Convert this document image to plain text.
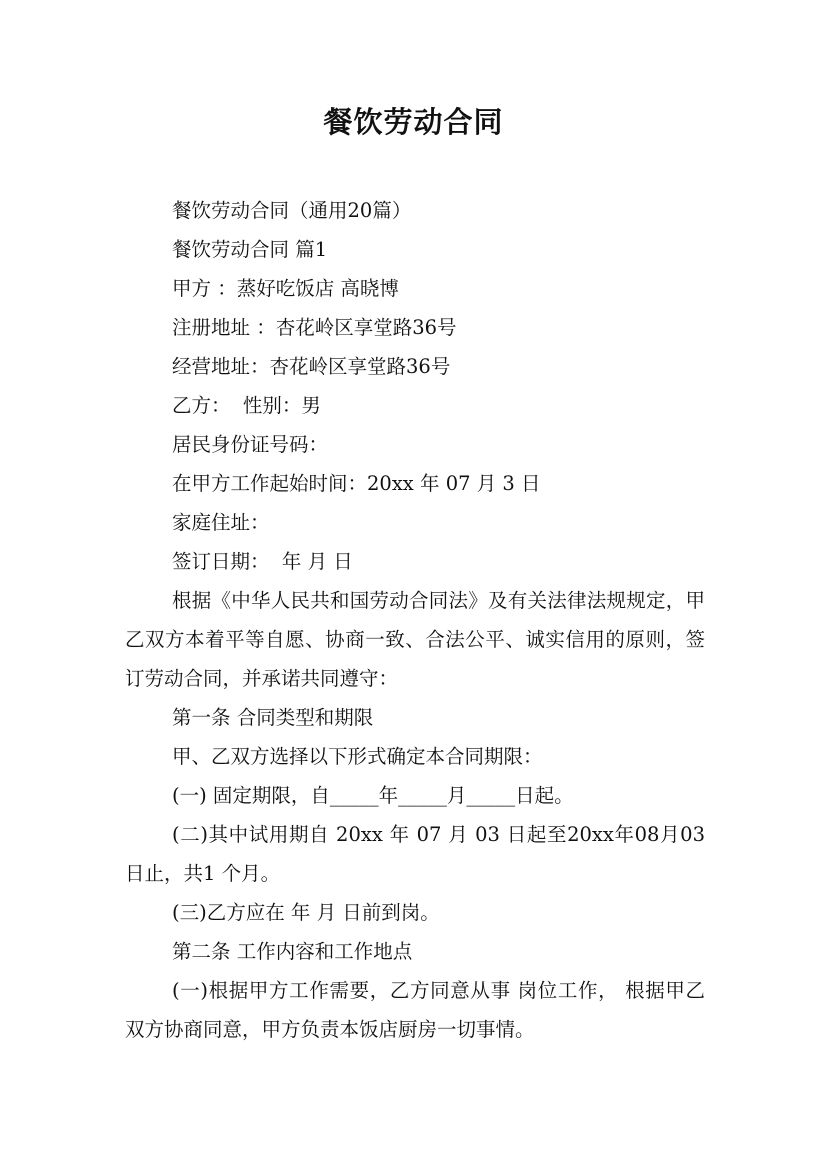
餐饮劳动合同

餐饮劳动合同（通用20篇）

餐饮劳动合同 篇1

甲方 ：蒸好吃饭店 高晓博

注册地址 ：杏花岭区享堂路36号

经营地址：杏花岭区享堂路36号

乙方：  性别：男

居民身份证号码：

在甲方工作起始时间：20xx 年 07 月 3 日

家庭住址：

签订日期：  年 月 日

根据《中华人民共和国劳动合同法》及有关法律法规规定，甲乙双方本着平等自愿、协商一致、合法公平、诚实信用的原则，签订劳动合同，并承诺共同遵守：

第一条 合同类型和期限

甲、乙双方选择以下形式确定本合同期限：

(一) 固定期限，自_____年_____月_____日起。

(二)其中试用期自 20xx 年 07 月 03 日起至20xx年08月03日止，共1 个月。

(三)乙方应在 年 月 日前到岗。

第二条 工作内容和工作地点

(一)根据甲方工作需要，乙方同意从事 岗位工作， 根据甲乙双方协商同意，甲方负责本饭店厨房一切事情。
